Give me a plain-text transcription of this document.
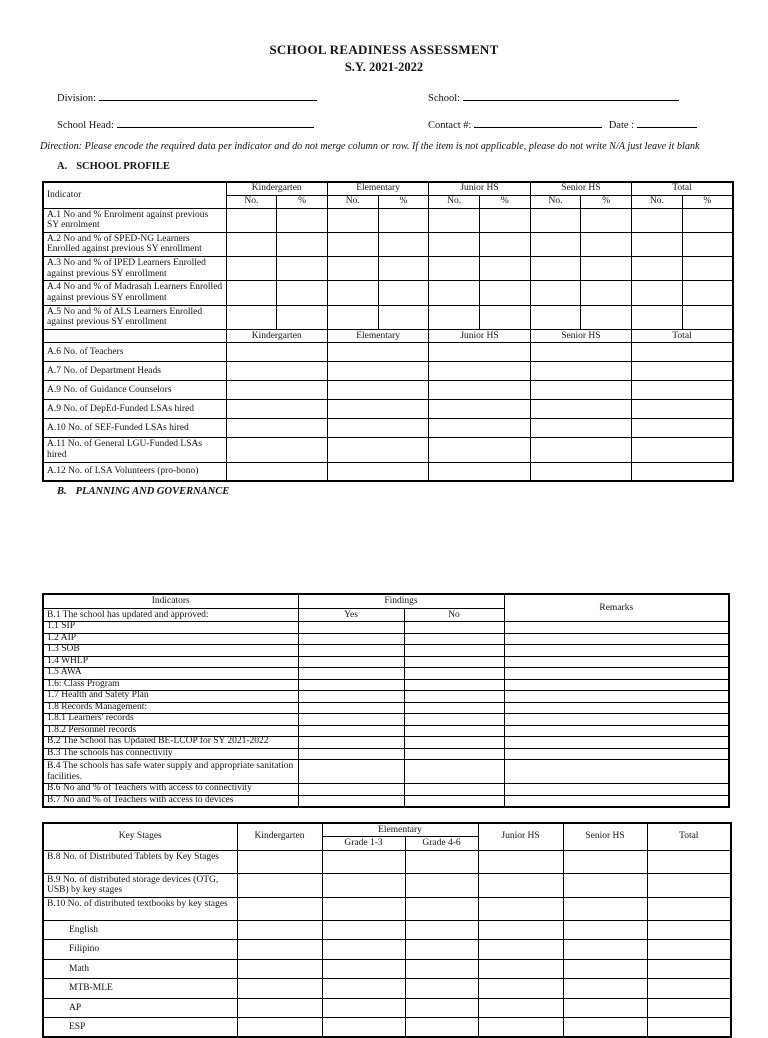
SCHOOL READINESS ASSESSMENT
S.Y. 2021-2022
Division:	School:
School Head:	Contact #:	Date :
Direction: Please encode the required data per indicator and do not merge column or row. If the item is not applicable, please do not write N/A just leave it blank
A. SCHOOL PROFILE
Indicator	Kindergarten		Elementary		Junior HS		Senior HS		Total	
	No.	%	No.	%	No.	%	No.	%	No.	%
A.1 No and % Enrolment against previous SY enrolment										
A.2 No and % of SPED-NG Learners Enrolled against previous SY enrollment										
A.3 No and % of IPED Learners Enrolled against previous SY enrollment										
A.4 No and % of Madrasah Learners Enrolled against previous SY enrollment										
A.5 No and % of ALS Learners Enrolled against previous SY enrollment										
	Kindergarten		Elementary		Junior HS		Senior HS		Total	
A.6 No. of Teachers										
A.7 No. of Department Heads										
A.9 No. of Guidance Counselors										
A.9 No. of DepEd-Funded LSAs hired										
A.10 No. of SEF-Funded LSAs hired										
A.11 No. of General LGU-Funded LSAs hired										
A.12 No. of LSA Volunteers (pro-bono)										
B. PLANNING AND GOVERNANCE
Indicators	Findings		Remarks
B.1 The school has updated and approved:	Yes	No	
1.1 SIP			
1.2 AIP			
1.3 SOB			
1.4 WHLP			
1.5 AWA			
1.6: Class Program			
1.7 Health and Safety Plan			
1.8 Records Management:			
1.8.1 Learners' records			
1.8.2 Personnel records			
B.2 The School has Updated BE-LCOP for SY 2021-2022			
B.3 The schools has connectivity			
B.4 The schools has safe water supply and appropriate sanitation facilities.			
B.6 No and % of Teachers with access to connectivity			
B.7 No and % of Teachers with access to devices			
Key Stages	Kindergarten	Elementary		Junior HS	Senior HS	Total
		Grade 1-3	Grade 4-6			
B.8 No. of Distributed Tablets by Key Stages						
B.9 No. of distributed storage devices (OTG, USB) by key stages						
B.10 No. of distributed textbooks by key stages						
English						
Filipino						
Math						
MTB-MLE						
AP						
ESP						
